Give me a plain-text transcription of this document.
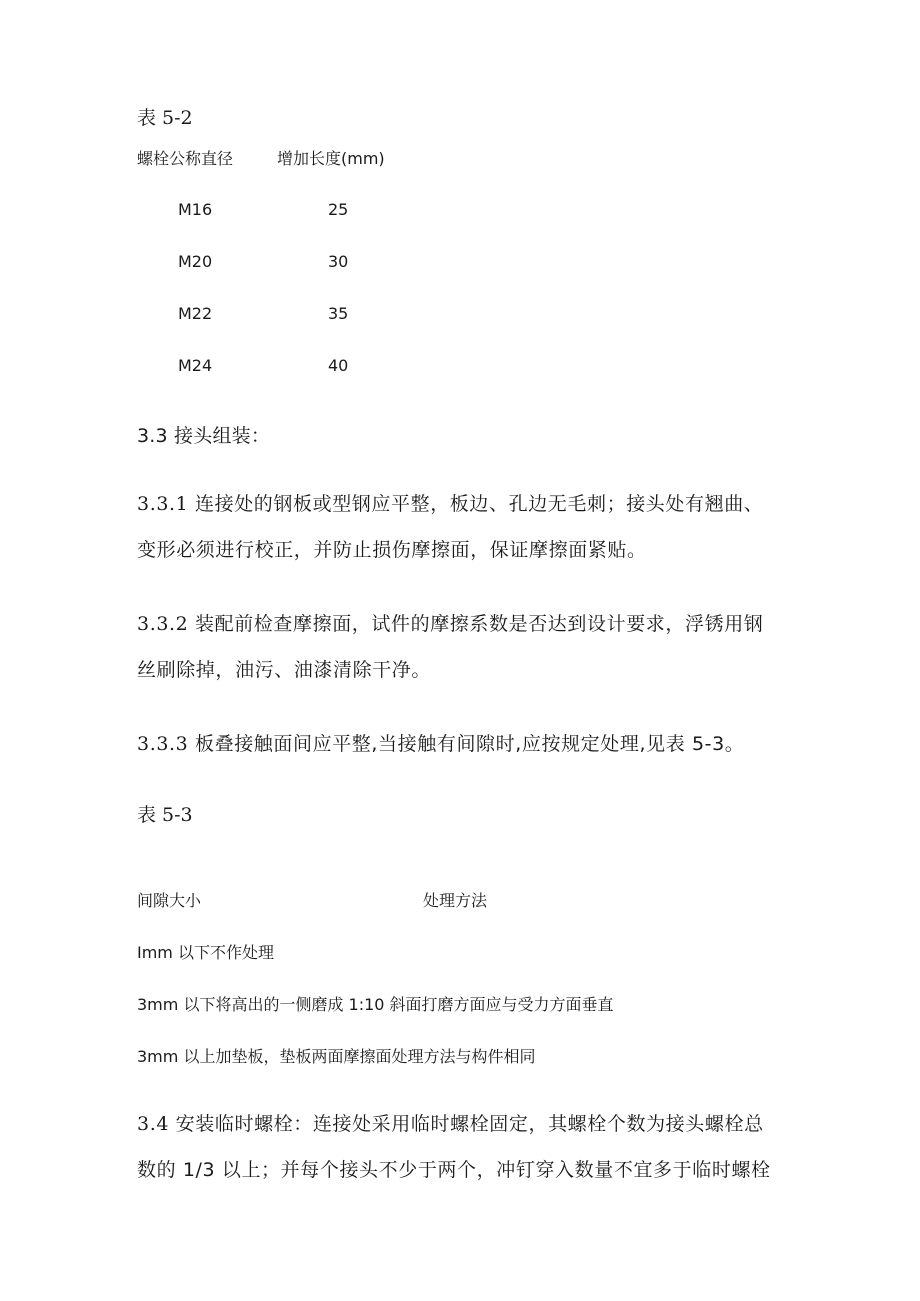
表 5-2
螺栓公称直径	增加长度(mm)
M16	25
M20	30
M22	35
M24	40
3.3 接头组装：
3.3.1 连接处的钢板或型钢应平整，板边、孔边无毛刺；接头处有翘曲、
变形必须进行校正，并防止损伤摩擦面，保证摩擦面紧贴。
3.3.2 装配前检查摩擦面，试件的摩擦系数是否达到设计要求，浮锈用钢
丝刷除掉，油污、油漆清除干净。
3.3.3 板叠接触面间应平整,当接触有间隙时,应按规定处理,见表 5-3。
表 5-3
间隙大小	处理方法
Imm 以下不作处理
3mm 以下将高出的一侧磨成 1:10 斜面打磨方面应与受力方面垂直
3mm 以上加垫板，垫板两面摩擦面处理方法与构件相同
3.4 安装临时螺栓：连接处采用临时螺栓固定，其螺栓个数为接头螺栓总
数的 1/3 以上；并每个接头不少于两个，冲钉穿入数量不宜多于临时螺栓
